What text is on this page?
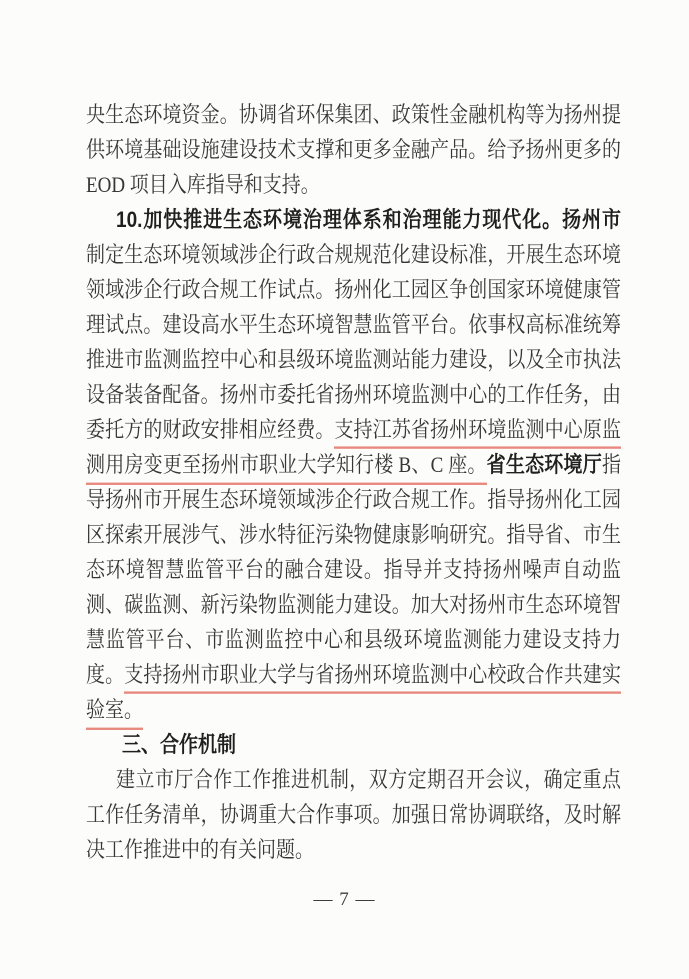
央生态环境资金。协调省环保集团、政策性金融机构等为扬州提
供环境基础设施建设技术支撑和更多金融产品。给予扬州更多的
EOD 项目入库指导和支持。
10.加快推进生态环境治理体系和治理能力现代化。扬州市
制定生态环境领域涉企行政合规规范化建设标准，开展生态环境
领域涉企行政合规工作试点。扬州化工园区争创国家环境健康管
理试点。建设高水平生态环境智慧监管平台。依事权高标准统筹
推进市监测监控中心和县级环境监测站能力建设，以及全市执法
设备装备配备。扬州市委托省扬州环境监测中心的工作任务，由
委托方的财政安排相应经费。支持江苏省扬州环境监测中心原监
测用房变更至扬州市职业大学知行楼 B、C 座。省生态环境厅指
导扬州市开展生态环境领域涉企行政合规工作。指导扬州化工园
区探索开展涉气、涉水特征污染物健康影响研究。指导省、市生
态环境智慧监管平台的融合建设。指导并支持扬州噪声自动监
测、碳监测、新污染物监测能力建设。加大对扬州市生态环境智
慧监管平台、市监测监控中心和县级环境监测能力建设支持力
度。支持扬州市职业大学与省扬州环境监测中心校政合作共建实
验室。
三、合作机制
建立市厅合作工作推进机制，双方定期召开会议，确定重点
工作任务清单，协调重大合作事项。加强日常协调联络，及时解
决工作推进中的有关问题。
— 7 —
